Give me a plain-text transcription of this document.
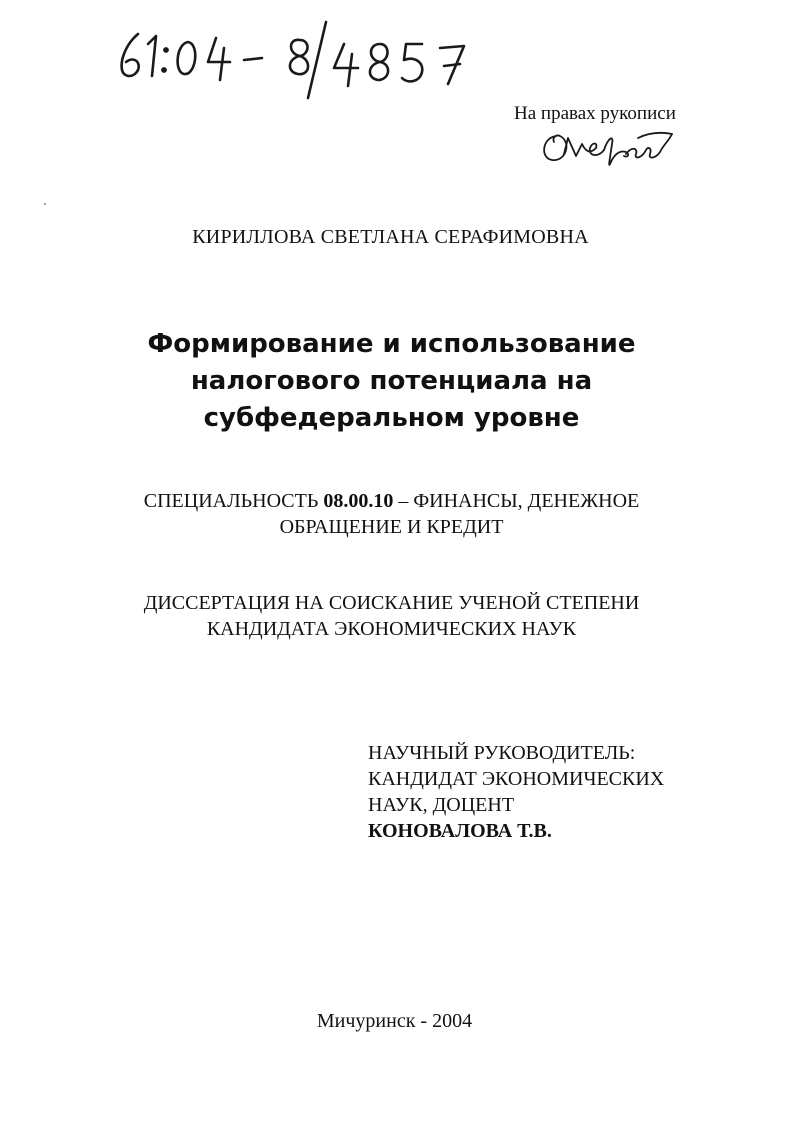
На правах рукописи
КИРИЛЛОВА СВЕТЛАНА СЕРАФИМОВНА
Формирование и использование
налогового потенциала на
субфедеральном уровне
СПЕЦИАЛЬНОСТЬ 08.00.10 – ФИНАНСЫ, ДЕНЕЖНОЕ
ОБРАЩЕНИЕ И КРЕДИТ
ДИССЕРТАЦИЯ НА СОИСКАНИЕ УЧЕНОЙ СТЕПЕНИ
КАНДИДАТА ЭКОНОМИЧЕСКИХ НАУК
НАУЧНЫЙ РУКОВОДИТЕЛЬ:
КАНДИДАТ ЭКОНОМИЧЕСКИХ
НАУК, ДОЦЕНТ
КОНОВАЛОВА Т.В.
Мичуринск - 2004
